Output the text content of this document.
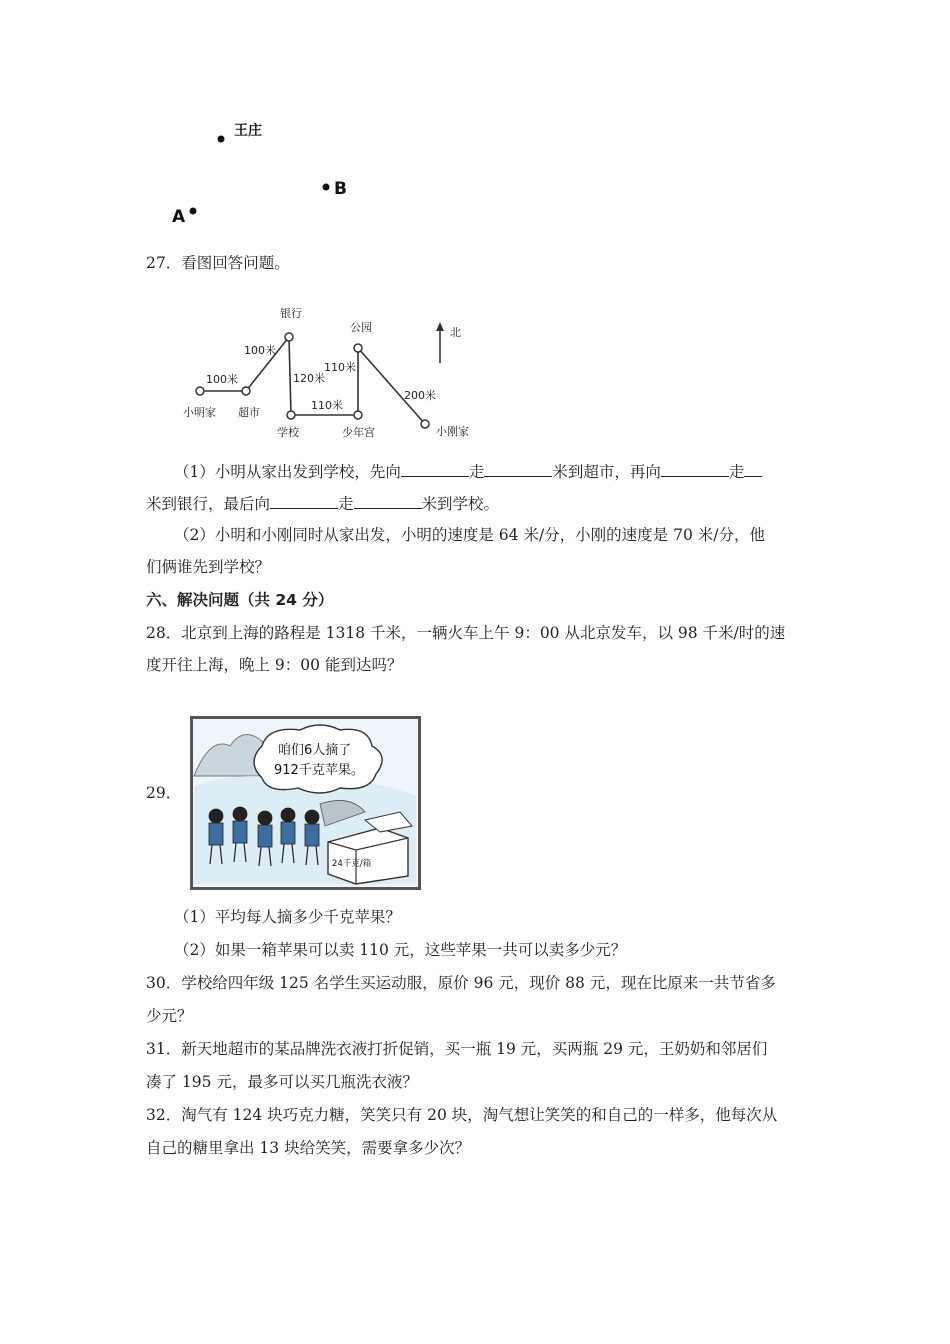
王庄
B
A
27．看图回答问题。
小明家 超市
银行
学校	少年宫
公园
小刚家
100米
100米
120米
110米
110米
200米
北
（1）小明从家出发到学校，先向	走	米到超市，再向	走
米到银行，最后向	走	米到学校。
（2）小明和小刚同时从家出发，小明的速度是 64 米/分，小刚的速度是 70 米/分，他
们俩谁先到学校？
六、解决问题（共 24 分）
28．北京到上海的路程是 1318 千米，一辆火车上午 9：00 从北京发车，以 98 千米/时的速
度开往上海，晚上 9：00 能到达吗？
29．
咱们6人摘了
912千克苹果。
24千克/箱
（1）平均每人摘多少千克苹果？
（2）如果一箱苹果可以卖 110 元，这些苹果一共可以卖多少元？
30．学校给四年级 125 名学生买运动服，原价 96 元，现价 88 元，现在比原来一共节省多
少元？
31．新天地超市的某品牌洗衣液打折促销，买一瓶 19 元，买两瓶 29 元，王奶奶和邻居们
凑了 195 元，最多可以买几瓶洗衣液？
32．淘气有 124 块巧克力糖，笑笑只有 20 块，淘气想让笑笑的和自己的一样多，他每次从
自己的糖里拿出 13 块给笑笑，需要拿多少次？
